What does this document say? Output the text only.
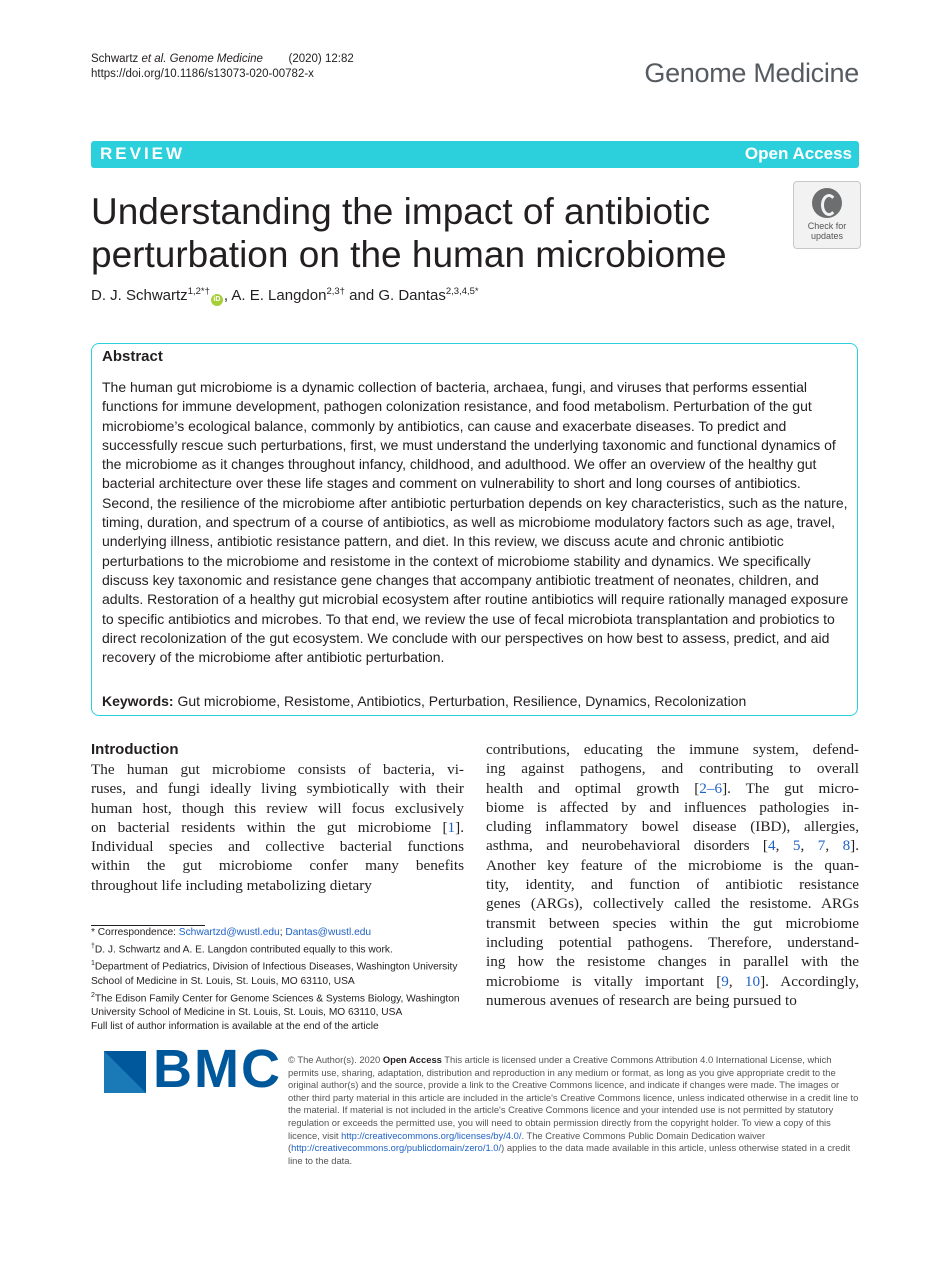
Schwartz et al. Genome Medicine (2020) 12:82
https://doi.org/10.1186/s13073-020-00782-x	Genome Medicine
REVIEW	Open Access
Check for
updates
Understanding the impact of antibiotic perturbation on the human microbiome
D. J. Schwartz$^{1,2*\dagger}$iD , A. E. Langdon$^{2,3\dagger}$ and G. Dantas$^{2,3,4,5*}$
Abstract
The human gut microbiome is a dynamic collection of bacteria, archaea, fungi, and viruses that performs essential functions for immune development, pathogen colonization resistance, and food metabolism. Perturbation of the gut microbiome’s ecological balance, commonly by antibiotics, can cause and exacerbate diseases. To predict and successfully rescue such perturbations, first, we must understand the underlying taxonomic and functional dynamics of the microbiome as it changes throughout infancy, childhood, and adulthood. We offer an overview of the healthy gut bacterial architecture over these life stages and comment on vulnerability to short and long courses of antibiotics. Second, the resilience of the microbiome after antibiotic perturbation depends on key characteristics, such as the nature, timing, duration, and spectrum of a course of antibiotics, as well as microbiome modulatory factors such as age, travel, underlying illness, antibiotic resistance pattern, and diet. In this review, we discuss acute and chronic antibiotic perturbations to the microbiome and resistome in the context of microbiome stability and dynamics. We specifically discuss key taxonomic and resistance gene changes that accompany antibiotic treatment of neonates, children, and adults. Restoration of a healthy gut microbial ecosystem after routine antibiotics will require rationally managed exposure to specific antibiotics and microbes. To that end, we review the use of fecal microbiota transplantation and probiotics to direct recolonization of the gut ecosystem. We conclude with our perspectives on how best to assess, predict, and aid recovery of the microbiome after antibiotic perturbation.
Keywords: Gut microbiome, Resistome, Antibiotics, Perturbation, Resilience, Dynamics, Recolonization
Introduction
The human gut microbiome consists of bacteria, vi-
ruses, and fungi ideally living symbiotically with their
human host, though this review will focus exclusively
on bacterial residents within the gut microbiome [1].
Individual species and collective bacterial functions
within the gut microbiome confer many benefits
throughout life including metabolizing dietary
contributions, educating the immune system, defend-
ing against pathogens, and contributing to overall
health and optimal growth [2–6]. The gut micro-
biome is affected by and influences pathologies in-
cluding inflammatory bowel disease (IBD), allergies,
asthma, and neurobehavioral disorders [4, 5, 7, 8].
Another key feature of the microbiome is the quan-
tity, identity, and function of antibiotic resistance
genes (ARGs), collectively called the resistome. ARGs
transmit between species within the gut microbiome
including potential pathogens. Therefore, understand-
ing how the resistome changes in parallel with the
microbiome is vitally important [9, 10]. Accordingly,
numerous avenues of research are being pursued to
* Correspondence: Schwartzd@wustl.edu; Dantas@wustl.edu
†D. J. Schwartz and A. E. Langdon contributed equally to this work.
$^1$Department of Pediatrics, Division of Infectious Diseases, Washington University School of Medicine in St. Louis, St. Louis, MO 63110, USA
$^2$The Edison Family Center for Genome Sciences & Systems Biology, Washington University School of Medicine in St. Louis, St. Louis, MO 63110, USA
Full list of author information is available at the end of the article
BMC © The Author(s). 2020 Open Access This article is licensed under a Creative Commons Attribution 4.0 International License, which permits use, sharing, adaptation, distribution and reproduction in any medium or format, as long as you give appropriate credit to the original author(s) and the source, provide a link to the Creative Commons licence, and indicate if changes were made. The images or other third party material in this article are included in the article's Creative Commons licence, unless indicated otherwise in a credit line to the material. If material is not included in the article's Creative Commons licence and your intended use is not permitted by statutory regulation or exceeds the permitted use, you will need to obtain permission directly from the copyright holder. To view a copy of this licence, visit http://creativecommons.org/licenses/by/4.0/. The Creative Commons Public Domain Dedication waiver (http://creativecommons.org/publicdomain/zero/1.0/) applies to the data made available in this article, unless otherwise stated in a credit line to the data.
